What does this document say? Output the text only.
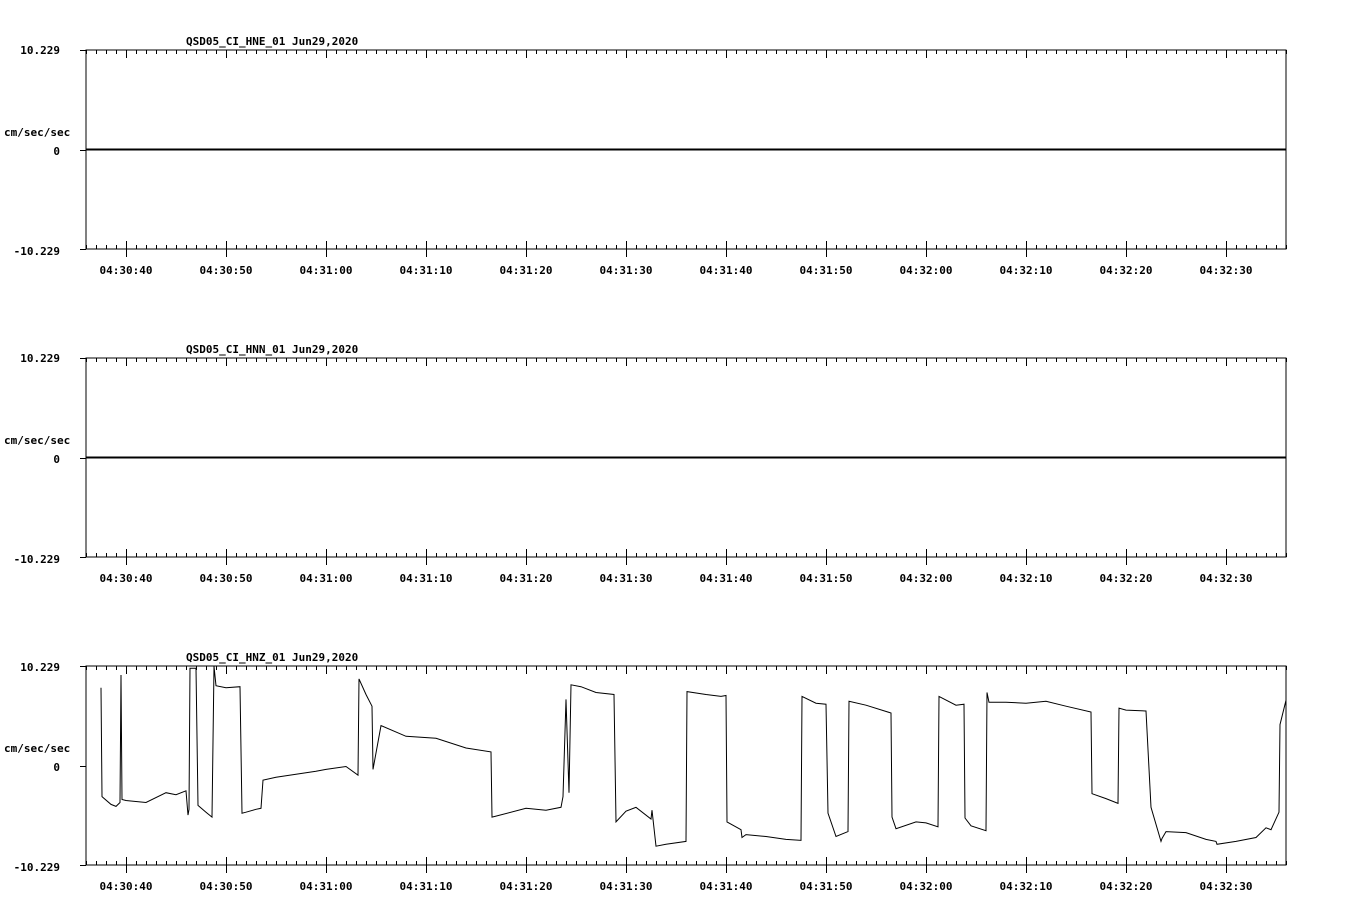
QSD05_CI_HNE_01 Jun29,2020
cm/sec/sec
10.229
0
-10.229
04:30:40	04:30:50	04:31:00	04:31:10	04:31:20	04:31:30	04:31:40	04:31:50	04:32:00	04:32:10	04:32:20	04:32:30
QSD05_CI_HNN_01 Jun29,2020
cm/sec/sec
10.229
0
-10.229
04:30:40	04:30:50	04:31:00	04:31:10	04:31:20	04:31:30	04:31:40	04:31:50	04:32:00	04:32:10	04:32:20	04:32:30
QSD05_CI_HNZ_01 Jun29,2020
cm/sec/sec
10.229
0
-10.229
04:30:40	04:30:50	04:31:00	04:31:10	04:31:20	04:31:30	04:31:40	04:31:50	04:32:00	04:32:10	04:32:20	04:32:30
